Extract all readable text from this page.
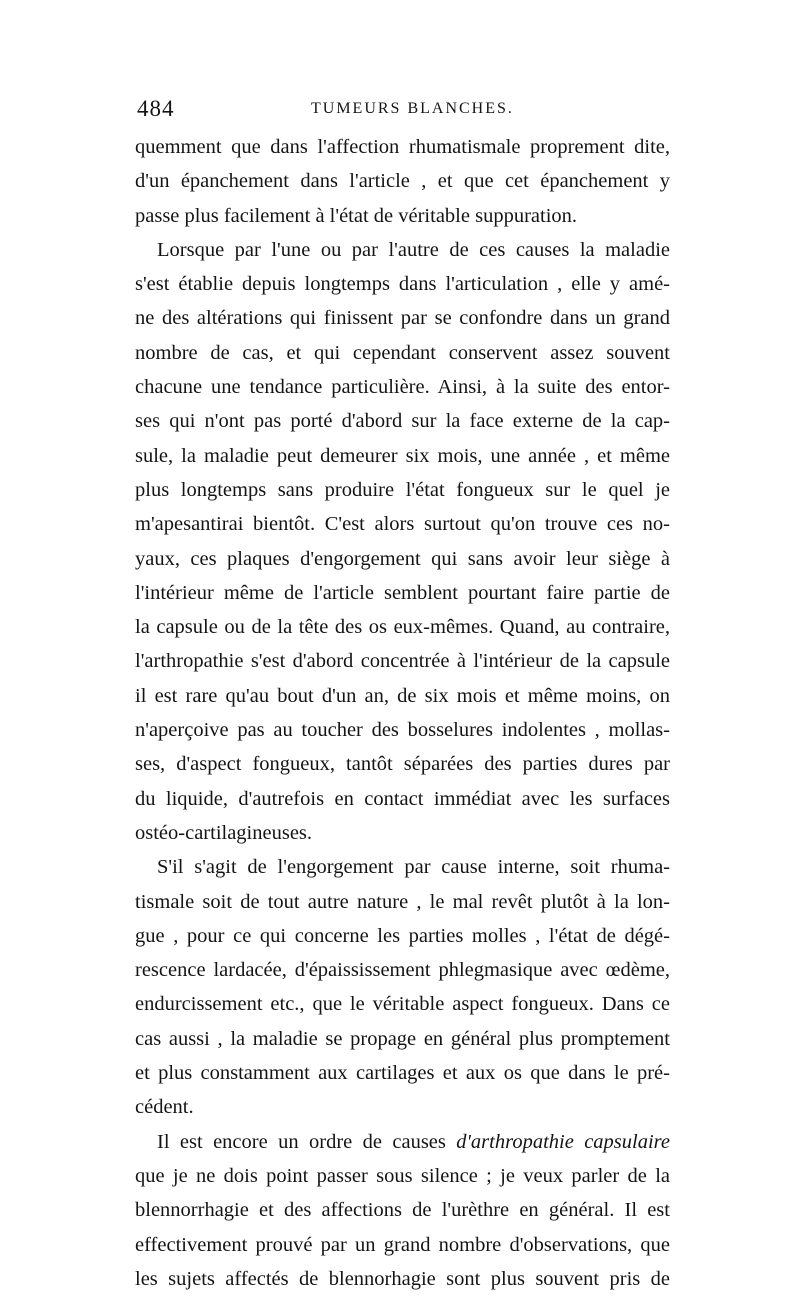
484	TUMEURS BLANCHES.
quemment que dans l'affection rhumatismale proprement dite,
d'un épanchement dans l'article , et que cet épanchement y
passe plus facilement à l'état de véritable suppuration.
Lorsque par l'une ou par l'autre de ces causes la maladie
s'est établie depuis longtemps dans l'articulation , elle y amé-
ne des altérations qui finissent par se confondre dans un grand
nombre de cas, et qui cependant conservent assez souvent
chacune une tendance particulière. Ainsi, à la suite des entor-
ses qui n'ont pas porté d'abord sur la face externe de la cap-
sule, la maladie peut demeurer six mois, une année , et même
plus longtemps sans produire l'état fongueux sur le quel je
m'apesantirai bientôt. C'est alors surtout qu'on trouve ces no-
yaux, ces plaques d'engorgement qui sans avoir leur siège à
l'intérieur même de l'article semblent pourtant faire partie de
la capsule ou de la tête des os eux-mêmes. Quand, au contraire,
l'arthropathie s'est d'abord concentrée à l'intérieur de la capsule
il est rare qu'au bout d'un an, de six mois et même moins, on
n'aperçoive pas au toucher des bosselures indolentes , mollas-
ses, d'aspect fongueux, tantôt séparées des parties dures par
du liquide, d'autrefois en contact immédiat avec les surfaces
ostéo-cartilagineuses.
S'il s'agit de l'engorgement par cause interne, soit rhuma-
tismale soit de tout autre nature , le mal revêt plutôt à la lon-
gue , pour ce qui concerne les parties molles , l'état de dégé-
rescence lardacée, d'épaississement phlegmasique avec œdème,
endurcissement etc., que le véritable aspect fongueux. Dans ce
cas aussi , la maladie se propage en général plus promptement
et plus constamment aux cartilages et aux os que dans le pré-
cédent.
Il est encore un ordre de causes d'arthropathie capsulaire
que je ne dois point passer sous silence ; je veux parler de la
blennorrhagie et des affections de l'urèthre en général. Il est
effectivement prouvé par un grand nombre d'observations, que
les sujets affectés de blennorhagie sont plus souvent pris de
